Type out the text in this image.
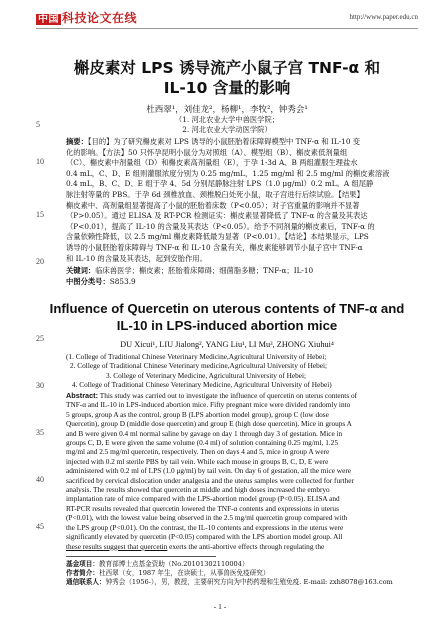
中国 科技论文在线	http://www.paper.edu.cn
5
10
15
20
25
30
35
40
45
槲皮素对 LPS 诱导流产小鼠子宫 TNF-α 和
IL-10 含量的影响
杜西翠¹，刘佳龙²，杨柳¹，李牧²，钟秀会¹
（1. 河北农业大学中兽医学院；
2. 河北农业大学动医学院）
摘要：【目的】为了研究槲皮素对 LPS 诱导的小鼠胚胎着床障碍模型中 TNF-α 和 IL-10 变
化的影响。【方法】50 只怀孕昆明小鼠分为对照组（A）、模型组（B）、槲皮素低剂量组
（C）、槲皮素中剂量组（D）和槲皮素高剂量组（E），于孕 1-3d A、B 两组灌服生理盐水
0.4 mL，C、D、E 组则灌服浓度分别为 0.25 mg/mL，1.25 mg/ml 和 2.5 mg/ml 的槲皮素溶液
0.4 mL，B、C、D、E 组于孕 4、5d 分别尾静脉注射 LPS（1.0 μg/ml）0.2 mL。A 组尾静
脉注射等量的 PBS。于孕 6d 颈椎放血、颈椎脱臼处死小鼠，取子宫进行后续试验。【结果】
槲皮素中、高剂量组显著提高了小鼠的胚胎着床数（P<0.05）；对子宫重量的影响并不显著
（P>0.05）。通过 ELISA 及 RT-PCR 检测证实：槲皮素显著降低了 TNF-α 的含量及其表达
（P<0.01），提高了 IL-10 的含量及其表达（P<0.05）。给予不同剂量的槲皮素后，TNF-α 的
含量依赖性降低，以 2.5 mg/ml 槲皮素降低最为显著（P<0.01）。【结论】本结果显示，LPS
诱导的小鼠胚胎着床障碍与 TNF-α 和 IL-10 含量有关，槲皮素能够调节小鼠子宫中 TNF-α
和 IL-10 的含量及其表达，起到安胎作用。
关键词：临床兽医学；槲皮素；胚胎着床障碍；细菌脂多糖；TNF-α；IL-10
中图分类号：S853.9
Influence of Quercetin on uterous contents of TNF-α and
IL-10 in LPS-induced abortion mice
DU Xicui¹, LIU Jialong², YANG Liu¹, LI Mu³, ZHONG Xiuhui⁴
(1. College of Traditional Chinese Veterinary Medicine,Agricultural University of Hebei;
2. College of Traditional Chinese Veterinary medicine,Agricultural University of Hebei;
3. College of Veterinary Medicine, Agricultural University of Hebei;
4. College of Traditional Chinese Veterinary Medicine, Agricultural University of Hebei)
Abstract: This study was carried out to investigate the influence of quercetin on uterus contents of
TNF-α and IL-10 in LPS-induced abortion mice. Fifty pregnant mice were divided randomly into
5 groups, group A as the control, group B (LPS abortion model group), group C (low dose
Quercetin), group D (middle dose quercetin) and group E (high dose quercetin). Mice in groups A
and B were given 0.4 ml normal saline by gavage on day 1 through day 3 of gestation. Mice in
groups C, D, E were given the same volume (0.4 ml) of solution containing 0.25 mg/ml, 1.25
mg/ml and 2.5 mg/ml quercetin, respectively. Then on days 4 and 5, mice in group A were
injected with 0.2 ml sterile PBS by tail vein. While each mouse in groups B, C, D, E were
administered with 0.2 ml of LPS (1.0 μg/ml) by tail vein. On day 6 of gestation, all the mice were
sacrificed by cervical dislocation under analgesia and the uterus samples were collected for further
analysis. The results showed that quercetin at middle and high doses increased the embryo
implantation rate of mice compared with the LPS-abortion model group (P<0.05). ELISA and
RT-PCR results revealed that quercetin lowered the TNF-α contents and expressions in uterus
(P<0.01), with the lowest value being observed in the 2.5 mg/ml quercetin group compared with
the LPS group (P<0.01). On the contrast, the IL-10 contents and expressions in the uterus were
significantly elevated by quercetin (P<0.05) compared with the LPS abortion model group. All
these results suggest that quercetin exerts the anti-abortive effects through regulating the
基金项目：教育部博士点基金资助（No.20101302110004）
作者简介：杜西翠（女，1987 年生，在读硕士，从事兽医免疫研究）
通信联系人：钟秀会（1956-），男，教授，主要研究方向为中药药理和生殖免疫. E-mail: zxh8078@163.com
- 1 -
